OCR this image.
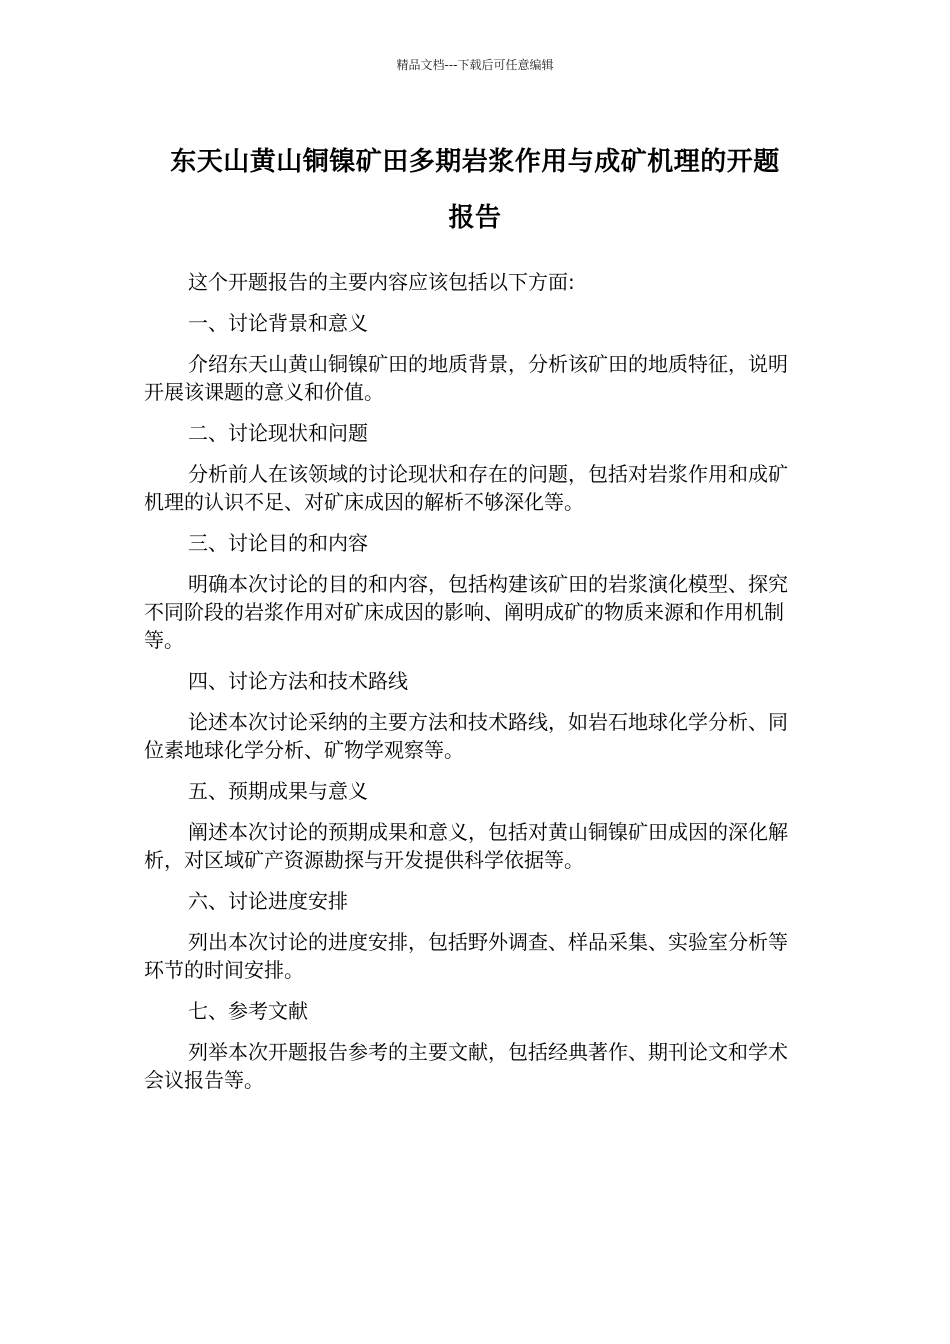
精品文档---下载后可任意编辑
东天山黄山铜镍矿田多期岩浆作用与成矿机理的开题
报告

这个开题报告的主要内容应该包括以下方面:

一、讨论背景和意义

介绍东天山黄山铜镍矿田的地质背景，分析该矿田的地质特征，说明开展该课题的意义和价值。

二、讨论现状和问题

分析前人在该领域的讨论现状和存在的问题，包括对岩浆作用和成矿机理的认识不足、对矿床成因的解析不够深化等。

三、讨论目的和内容

明确本次讨论的目的和内容，包括构建该矿田的岩浆演化模型、探究不同阶段的岩浆作用对矿床成因的影响、阐明成矿的物质来源和作用机制等。

四、讨论方法和技术路线

论述本次讨论采纳的主要方法和技术路线，如岩石地球化学分析、同位素地球化学分析、矿物学观察等。

五、预期成果与意义

阐述本次讨论的预期成果和意义，包括对黄山铜镍矿田成因的深化解析，对区域矿产资源勘探与开发提供科学依据等。

六、讨论进度安排

列出本次讨论的进度安排，包括野外调查、样品采集、实验室分析等环节的时间安排。

七、参考文献

列举本次开题报告参考的主要文献，包括经典著作、期刊论文和学术会议报告等。
